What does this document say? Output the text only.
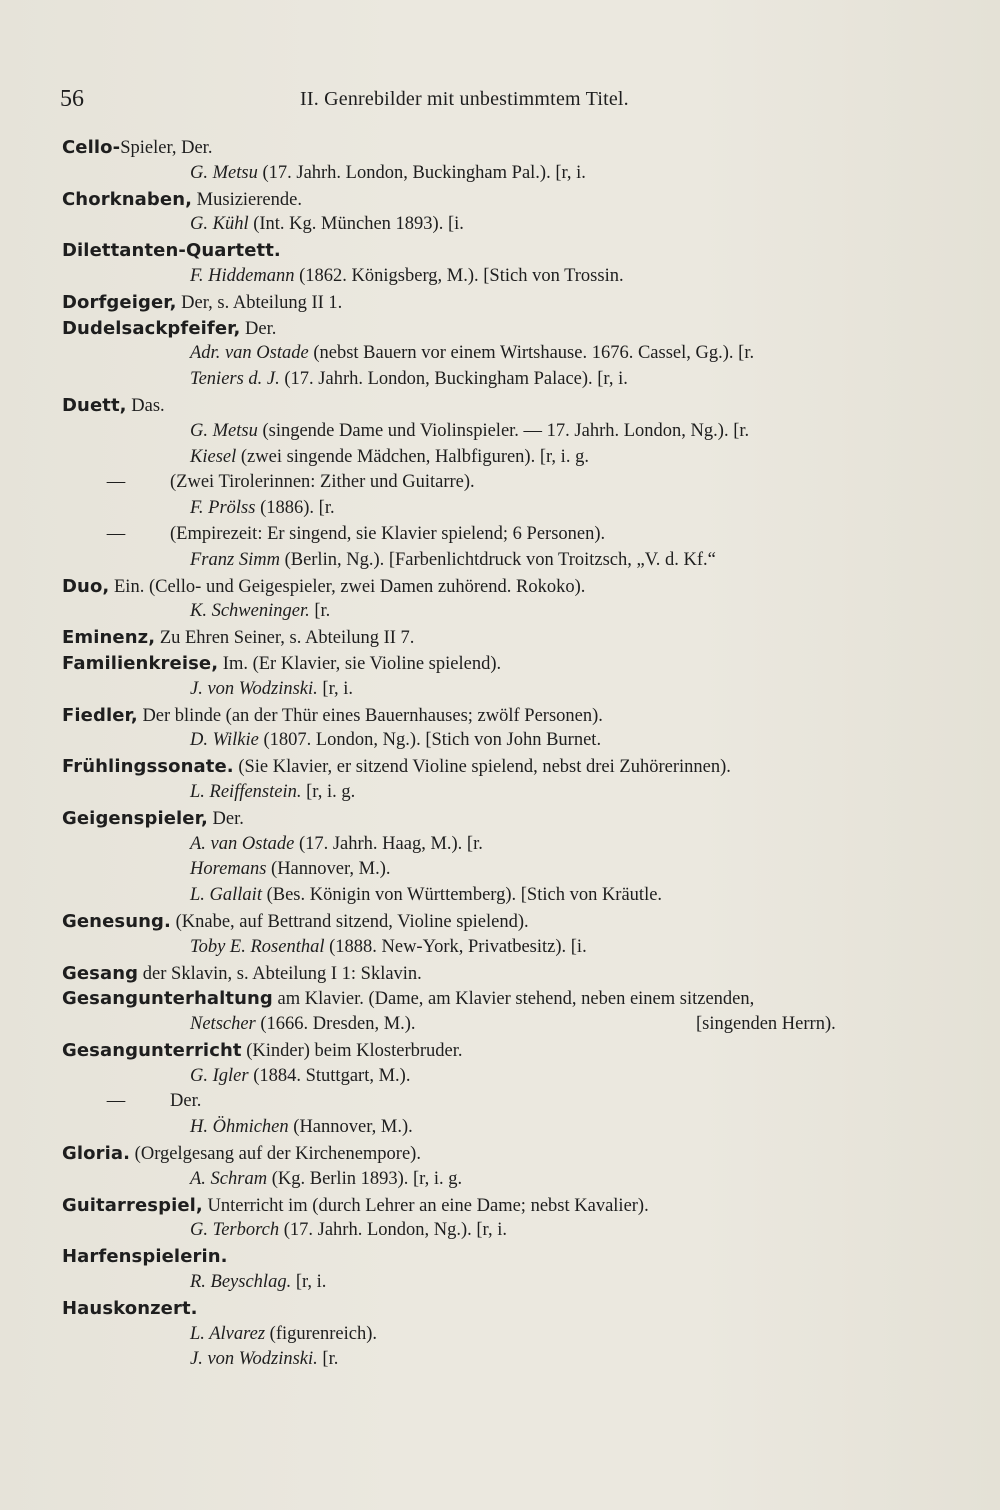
56	II. Genrebilder mit unbestimmtem Titel.
Cello-Spieler, Der.
G. Metsu (17. Jahrh. London, Buckingham Pal.). [r, i.
Chorknaben, Musizierende.
G. Kühl (Int. Kg. München 1893). [i.
Dilettanten-Quartett.
F. Hiddemann (1862. Königsberg, M.). [Stich von Trossin.
Dorfgeiger, Der, s. Abteilung II 1.
Dudelsackpfeifer, Der.
Adr. van Ostade (nebst Bauern vor einem Wirtshause. 1676. Cassel, Gg.). [r.
Teniers d. J. (17. Jahrh. London, Buckingham Palace). [r, i.
Duett, Das.
G. Metsu (singende Dame und Violinspieler. — 17. Jahrh. London, Ng.). [r.
Kiesel (zwei singende Mädchen, Halbfiguren). [r, i. g.
— (Zwei Tirolerinnen: Zither und Guitarre).
F. Prölss (1886). [r.
— (Empirezeit: Er singend, sie Klavier spielend; 6 Personen).
Franz Simm (Berlin, Ng.). [Farbenlichtdruck von Troitzsch, „V. d. Kf.“
Duo, Ein. (Cello- und Geigespieler, zwei Damen zuhörend. Rokoko).
K. Schweninger. [r.
Eminenz, Zu Ehren Seiner, s. Abteilung II 7.
Familienkreise, Im. (Er Klavier, sie Violine spielend).
J. von Wodzinski. [r, i.
Fiedler, Der blinde (an der Thür eines Bauernhauses; zwölf Personen).
D. Wilkie (1807. London, Ng.). [Stich von John Burnet.
Frühlingssonate. (Sie Klavier, er sitzend Violine spielend, nebst drei Zuhörerinnen).
L. Reiffenstein. [r, i. g.
Geigenspieler, Der.
A. van Ostade (17. Jahrh. Haag, M.). [r.
Horemans (Hannover, M.).
L. Gallait (Bes. Königin von Württemberg). [Stich von Kräutle.
Genesung. (Knabe, auf Bettrand sitzend, Violine spielend).
Toby E. Rosenthal (1888. New-York, Privatbesitz). [i.
Gesang der Sklavin, s. Abteilung I 1: Sklavin.
Gesangunterhaltung am Klavier. (Dame, am Klavier stehend, neben einem sitzenden,
Netscher (1666. Dresden, M.).	[singenden Herrn).
Gesangunterricht (Kinder) beim Klosterbruder.
G. Igler (1884. Stuttgart, M.).
— Der.
H. Öhmichen (Hannover, M.).
Gloria. (Orgelgesang auf der Kirchenempore).
A. Schram (Kg. Berlin 1893). [r, i. g.
Guitarrespiel, Unterricht im (durch Lehrer an eine Dame; nebst Kavalier).
G. Terborch (17. Jahrh. London, Ng.). [r, i.
Harfenspielerin.
R. Beyschlag. [r, i.
Hauskonzert.
L. Alvarez (figurenreich).
J. von Wodzinski. [r.
